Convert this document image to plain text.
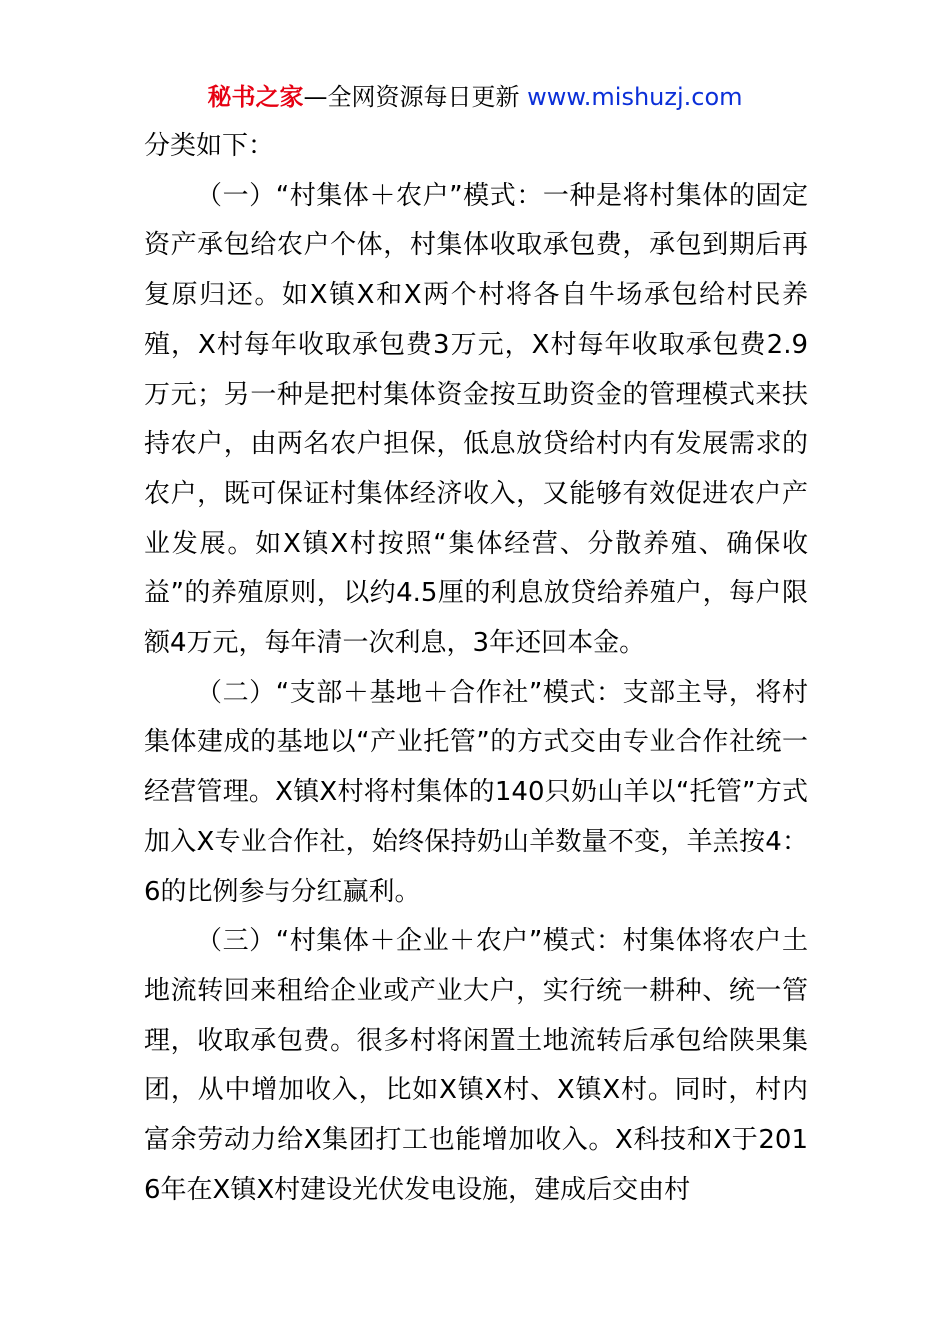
秘书之家—全网资源每日更新 www.mishuzj.com

分类如下：

（一）“村集体＋农户”模式：一种是将村集体的固定资产承包给农户个体，村集体收取承包费，承包到期后再复原归还。如X镇X和X两个村将各自牛场承包给村民养殖，X村每年收取承包费3万元，X村每年收取承包费2.9万元；另一种是把村集体资金按互助资金的管理模式来扶持农户，由两名农户担保，低息放贷给村内有发展需求的农户，既可保证村集体经济收入，又能够有效促进农户产业发展。如X镇X村按照“集体经营、分散养殖、确保收益”的养殖原则，以约4.5厘的利息放贷给养殖户，每户限额4万元，每年清一次利息，3年还回本金。

（二）“支部＋基地＋合作社”模式：支部主导，将村集体建成的基地以“产业托管”的方式交由专业合作社统一经营管理。X镇X村将村集体的140只奶山羊以“托管”方式加入X专业合作社，始终保持奶山羊数量不变，羊羔按4：6的比例参与分红赢利。

（三）“村集体＋企业＋农户”模式：村集体将农户土地流转回来租给企业或产业大户，实行统一耕种、统一管理，收取承包费。很多村将闲置土地流转后承包给陕果集团，从中增加收入，比如X镇X村、X镇X村。同时，村内富余劳动力给X集团打工也能增加收入。X科技和X于2016年在X镇X村建设光伏发电设施，建成后交由村
